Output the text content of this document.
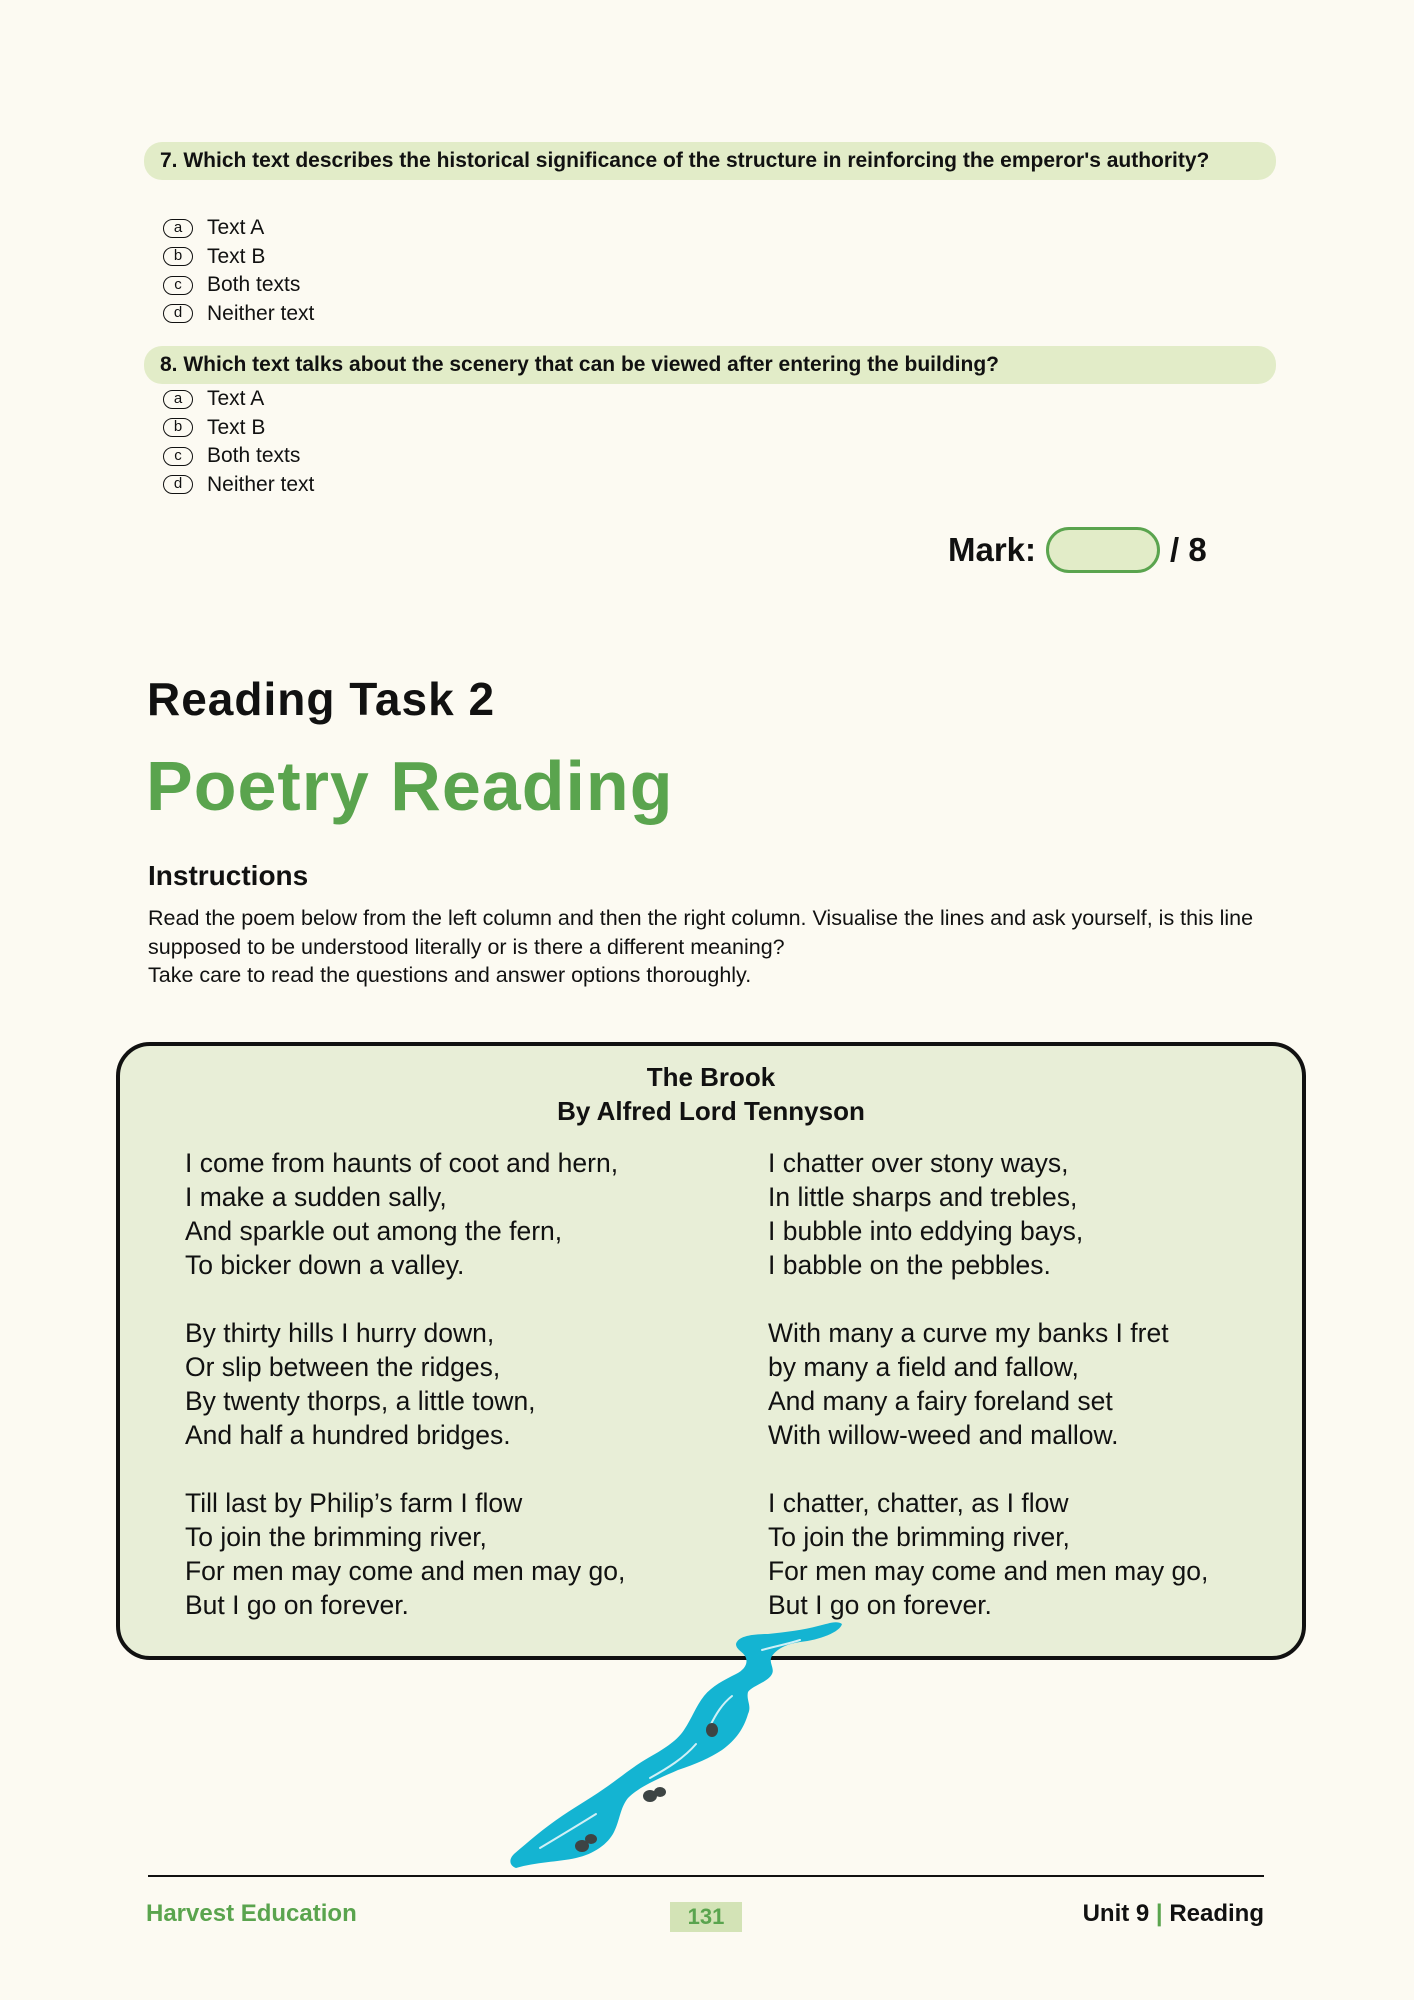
7. Which text describes the historical significance of the structure in reinforcing the emperor's authority?
a	Text A
b	Text B
c	Both texts
d	Neither text
8. Which text talks about the scenery that can be viewed after entering the building?
a	Text A
b	Text B
c	Both texts
d	Neither text
Mark:	/ 8
Reading Task 2
Poetry Reading
Instructions

Read the poem below from the left column and then the right column. Visualise the lines and ask yourself, is this line supposed to be understood literally or is there a different meaning?

Take care to read the questions and answer options thoroughly.

The Brook
By Alfred Lord Tennyson
I come from haunts of coot and hern,
I make a sudden sally,
And sparkle out among the fern,
To bicker down a valley.
By thirty hills I hurry down,
Or slip between the ridges,
By twenty thorps, a little town,
And half a hundred bridges.
Till last by Philip’s farm I flow
To join the brimming river,
For men may come and men may go,
But I go on forever.
I chatter over stony ways,
In little sharps and trebles,
I bubble into eddying bays,
I babble on the pebbles.
With many a curve my banks I fret
by many a field and fallow,
And many a fairy foreland set
With willow-weed and mallow.
I chatter, chatter, as I flow
To join the brimming river,
For men may come and men may go,
But I go on forever.
Harvest Education	131	Unit 9 | Reading
